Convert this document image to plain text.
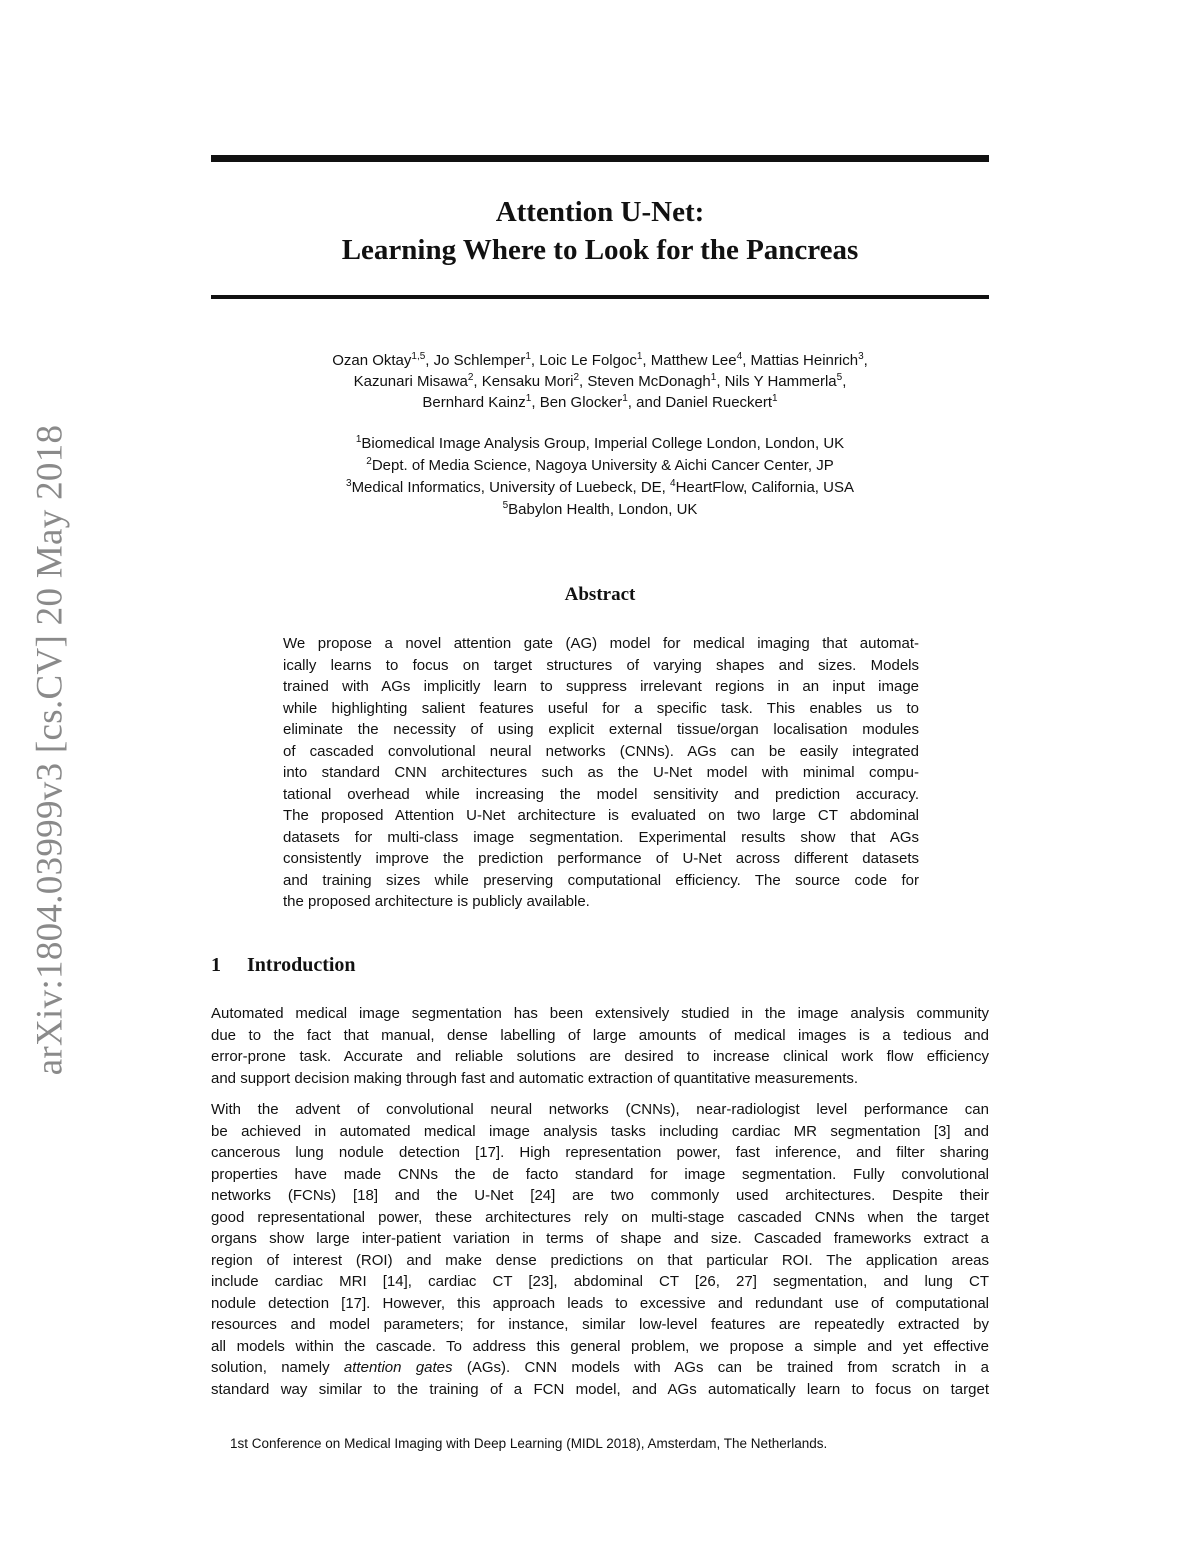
arXiv:1804.03999v3 [cs.CV] 20 May 2018
Attention U-Net:
Learning Where to Look for the Pancreas
Ozan Oktay$^{1,5}$, Jo Schlemper$^1$, Loic Le Folgoc$^1$, Matthew Lee$^4$, Mattias Heinrich$^3$,
Kazunari Misawa$^2$, Kensaku Mori$^2$, Steven McDonagh$^1$, Nils Y Hammerla$^5$,
Bernhard Kainz$^1$, Ben Glocker$^1$, and Daniel Rueckert$^1$
$^1$Biomedical Image Analysis Group, Imperial College London, London, UK
$^2$Dept. of Media Science, Nagoya University & Aichi Cancer Center, JP
$^3$Medical Informatics, University of Luebeck, DE, $^4$HeartFlow, California, USA
$^5$Babylon Health, London, UK
Abstract
We propose a novel attention gate (AG) model for medical imaging that automat-
ically learns to focus on target structures of varying shapes and sizes. Models
trained with AGs implicitly learn to suppress irrelevant regions in an input image
while highlighting salient features useful for a specific task. This enables us to
eliminate the necessity of using explicit external tissue/organ localisation modules
of cascaded convolutional neural networks (CNNs). AGs can be easily integrated
into standard CNN architectures such as the U-Net model with minimal compu-
tational overhead while increasing the model sensitivity and prediction accuracy.
The proposed Attention U-Net architecture is evaluated on two large CT abdominal
datasets for multi-class image segmentation. Experimental results show that AGs
consistently improve the prediction performance of U-Net across different datasets
and training sizes while preserving computational efficiency. The source code for
the proposed architecture is publicly available.
1 Introduction
Automated medical image segmentation has been extensively studied in the image analysis community
due to the fact that manual, dense labelling of large amounts of medical images is a tedious and
error-prone task. Accurate and reliable solutions are desired to increase clinical work flow efficiency
and support decision making through fast and automatic extraction of quantitative measurements.
With the advent of convolutional neural networks (CNNs), near-radiologist level performance can
be achieved in automated medical image analysis tasks including cardiac MR segmentation [3] and
cancerous lung nodule detection [17]. High representation power, fast inference, and filter sharing
properties have made CNNs the de facto standard for image segmentation. Fully convolutional
networks (FCNs) [18] and the U-Net [24] are two commonly used architectures. Despite their
good representational power, these architectures rely on multi-stage cascaded CNNs when the target
organs show large inter-patient variation in terms of shape and size. Cascaded frameworks extract a
region of interest (ROI) and make dense predictions on that particular ROI. The application areas
include cardiac MRI [14], cardiac CT [23], abdominal CT [26, 27] segmentation, and lung CT
nodule detection [17]. However, this approach leads to excessive and redundant use of computational
resources and model parameters; for instance, similar low-level features are repeatedly extracted by
all models within the cascade. To address this general problem, we propose a simple and yet effective
solution, namely attention gates (AGs). CNN models with AGs can be trained from scratch in a
standard way similar to the training of a FCN model, and AGs automatically learn to focus on target
1st Conference on Medical Imaging with Deep Learning (MIDL 2018), Amsterdam, The Netherlands.
